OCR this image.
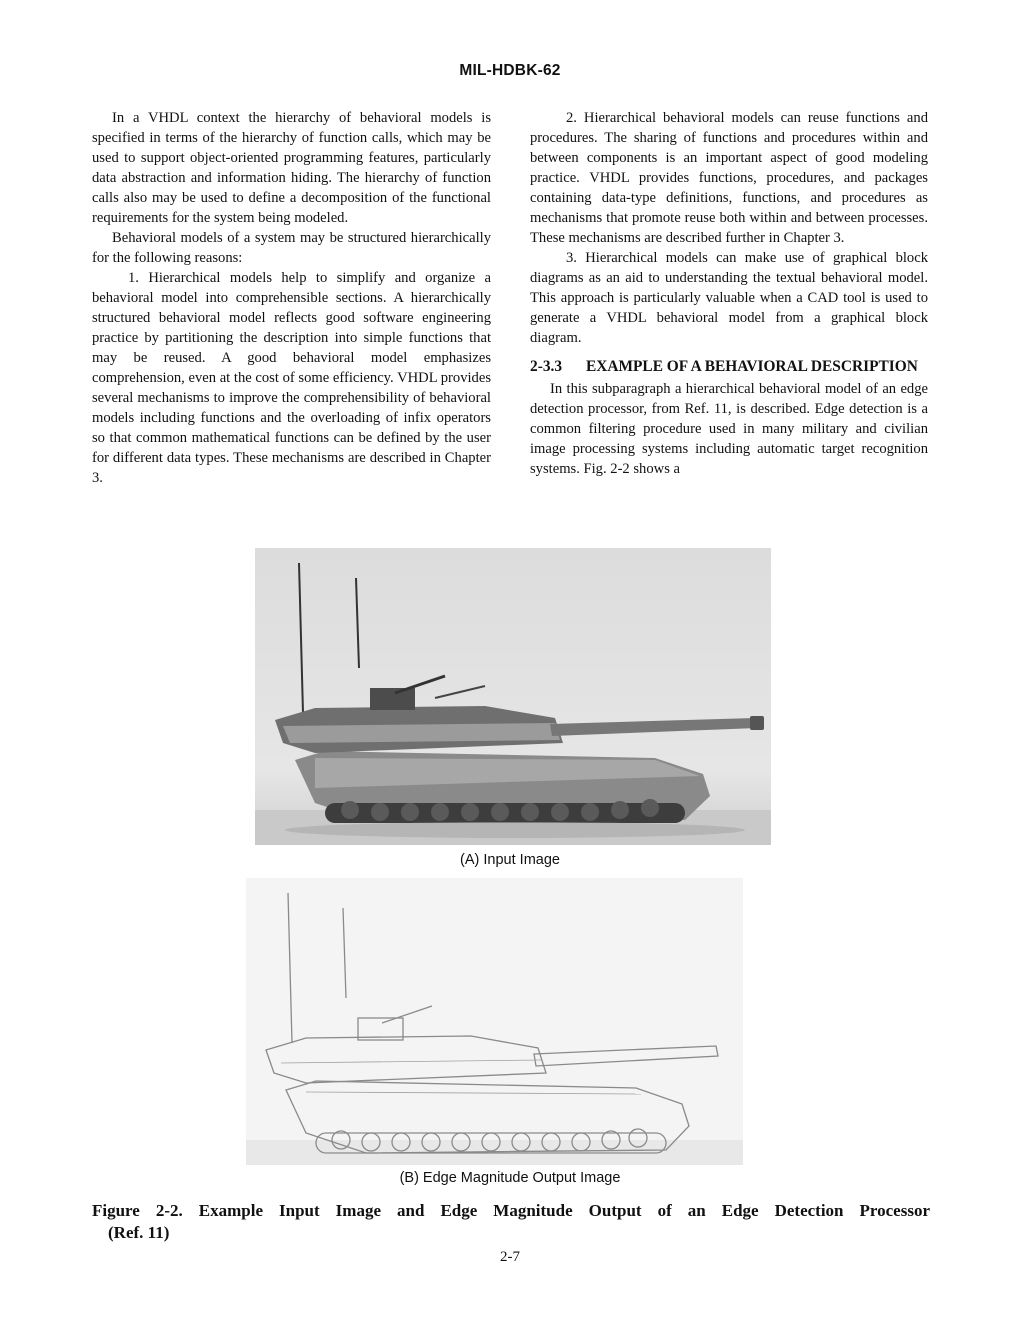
MIL-HDBK-62

In a VHDL context the hierarchy of behavioral models is specified in terms of the hierarchy of function calls, which may be used to support object-oriented programming features, particularly data abstraction and information hiding. The hierarchy of function calls also may be used to define a decomposition of the functional requirements for the system being modeled.

Behavioral models of a system may be structured hierarchically for the following reasons:

1. Hierarchical models help to simplify and organize a behavioral model into comprehensible sections. A hierarchically structured behavioral model reflects good software engineering practice by partitioning the description into simple functions that may be reused. A good behavioral model emphasizes comprehension, even at the cost of some efficiency. VHDL provides several mechanisms to improve the comprehensibility of behavioral models including functions and the overloading of infix operators so that common mathematical functions can be defined by the user for different data types. These mechanisms are described in Chapter 3.

2. Hierarchical behavioral models can reuse functions and procedures. The sharing of functions and procedures within and between components is an important aspect of good modeling practice. VHDL provides functions, procedures, and packages containing data-type definitions, functions, and procedures as mechanisms that promote reuse both within and between processes. These mechanisms are described further in Chapter 3.

3. Hierarchical models can make use of graphical block diagrams as an aid to understanding the textual behavioral model. This approach is particularly valuable when a CAD tool is used to generate a VHDL behavioral model from a graphical block diagram.

2-3.3	EXAMPLE OF A BEHAVIORAL DESCRIPTION

In this subparagraph a hierarchical behavioral model of an edge detection processor, from Ref. 11, is described. Edge detection is a common filtering procedure used in many military and civilian image processing systems including automatic target recognition systems. Fig. 2-2 shows a

(A) Input Image
(B) Edge Magnitude Output Image
Figure 2-2. Example Input Image and Edge Magnitude Output of an Edge Detection Processor
(Ref. 11)
2-7
